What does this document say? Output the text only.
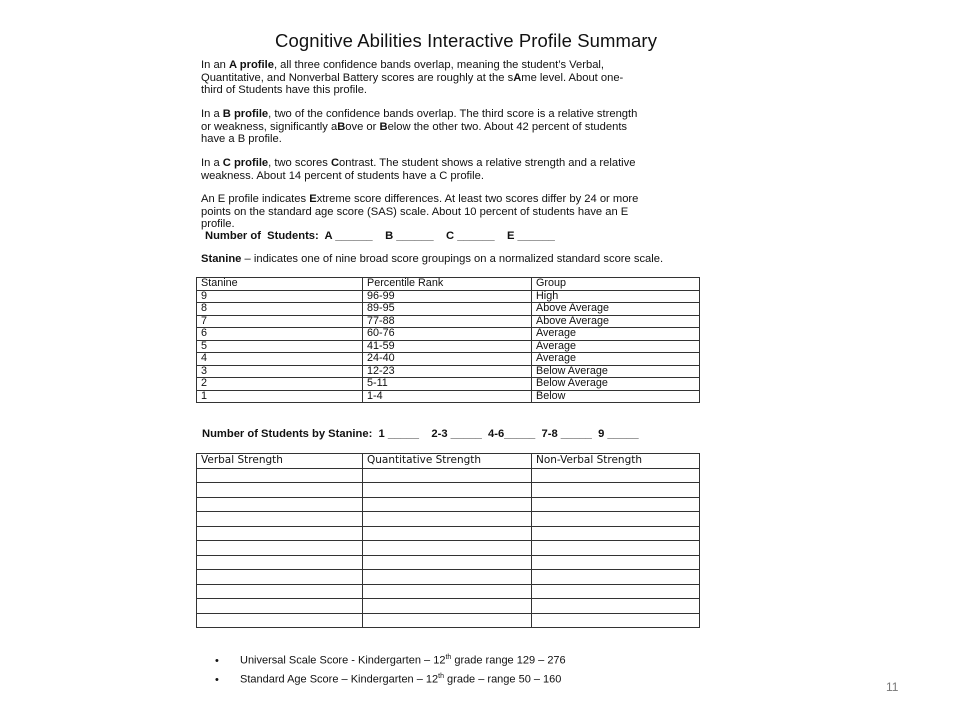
Cognitive Abilities Interactive Profile Summary
In an A profile, all three confidence bands overlap, meaning the student’s Verbal, Quantitative, and Nonverbal Battery scores are roughly at the sAme level. About one-third of Students have this profile.
In a B profile, two of the confidence bands overlap. The third score is a relative strength or weakness, significantly aBove or Below the other two. About 42 percent of students have a B profile.
In a C profile, two scores Contrast. The student shows a relative strength and a relative weakness. About 14 percent of students have a C profile.
An E profile indicates Extreme score differences. At least two scores differ by 24 or more points on the standard age score (SAS) scale. About 10 percent of students have an E profile.
Number of  Students:  A ______    B ______    C ______    E ______
Stanine – indicates one of nine broad score groupings on a normalized standard score scale.
Stanine	Percentile Rank	Group
9	96-99	High
8	89-95	Above Average
7	77-88	Above Average
6	60-76	Average
5	41-59	Average
4	24-40	Average
3	12-23	Below Average
2	5-11	Below Average
1	1-4	Below
Number of Students by Stanine:  1 _____    2-3 _____  4-6_____  7-8 _____  9 _____
Verbal Strength	Quantitative Strength	Non-Verbal Strength

• Universal Scale Score - Kindergarten – 12th grade range 129 – 276
• Standard Age Score – Kindergarten – 12th grade – range 50 – 160
11
